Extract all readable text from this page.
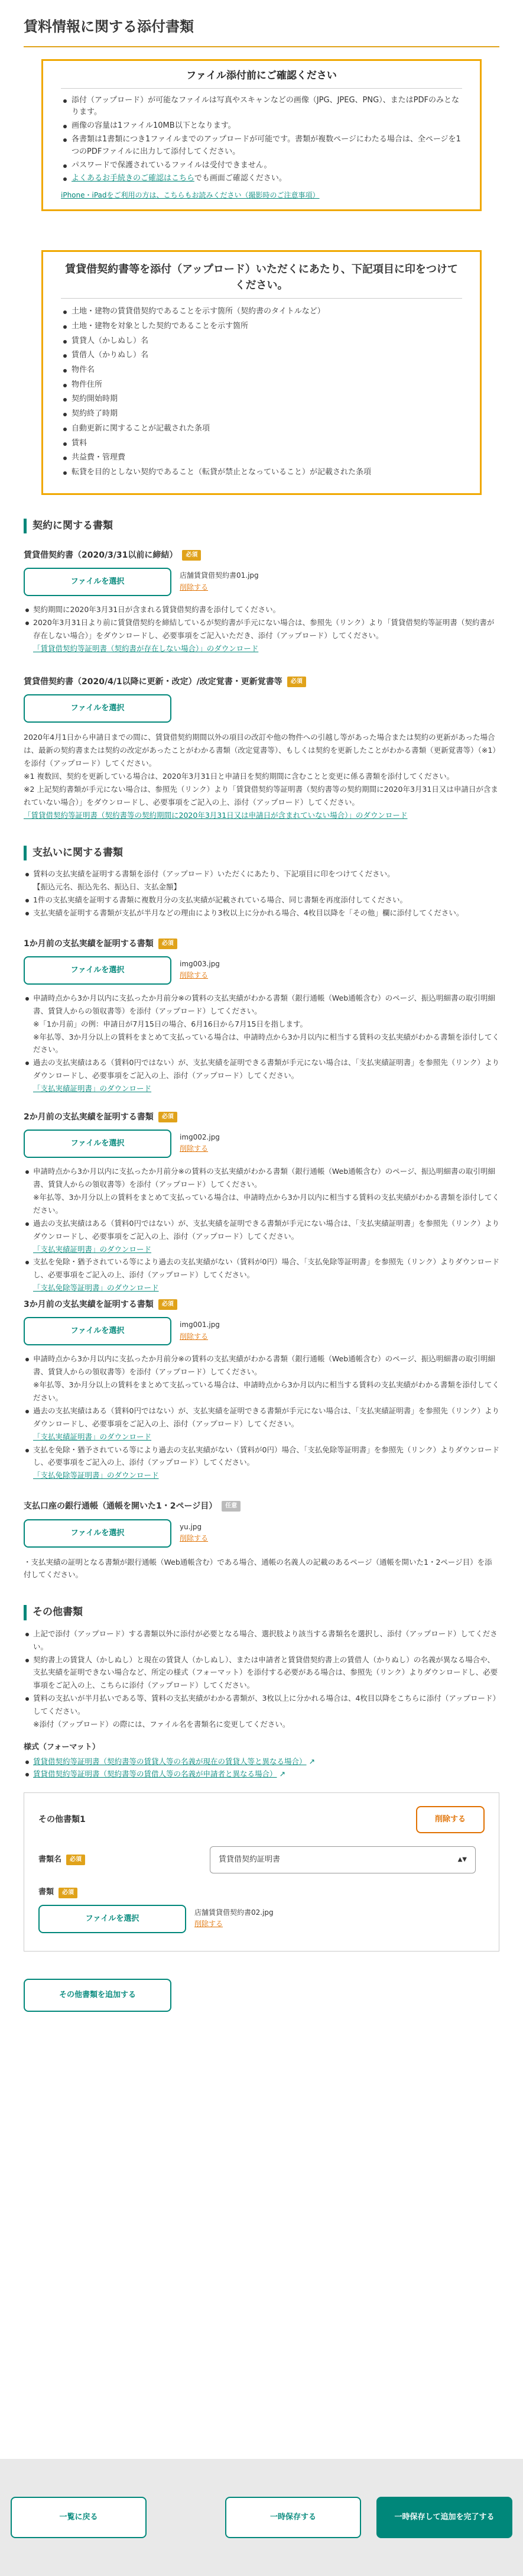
賃料情報に関する添付書類
ファイル添付前にご確認ください
添付（アップロード）が可能なファイルは写真やスキャンなどの画像（JPG、JPEG、PNG）、またはPDFのみとなります。
画像の容量は1ファイル10MB以下となります。
各書類は1書類につき1ファイルまでのアップロードが可能です。書類が複数ページにわたる場合は、全ページを1つのPDFファイルに出力して添付してください。
パスワードで保護されているファイルは受付できません。
よくあるお手続きのご確認はこちらでも画面ご確認ください。
iPhone・iPadをご利用の方は、こちらもお読みください（撮影時のご注意事項）
賃貸借契約書等を添付（アップロード）いただくにあたり、下記項目に印をつけてください。
土地・建物の賃貸借契約であることを示す箇所（契約書のタイトルなど）
土地・建物を対象とした契約であることを示す箇所
賃貸人（かしぬし）名
賃借人（かりぬし）名
物件名
物件住所
契約開始時期
契約終了時期
自動更新に関することが記載された条項
賃料
共益費・管理費
転貸を目的としない契約であること（転貸が禁止となっていること）が記載された条項
契約に関する書類
賃貸借契約書（2020/3/31以前に締結）	必須
ファイルを選択
店舗賃貸借契約書01.jpg
削除する
契約期間に2020年3月31日が含まれる賃貸借契約書を添付してください。
2020年3月31日より前に賃貸借契約を締結しているが契約書が手元にない場合は、参照先（リンク）より「賃貸借契約等証明書（契約書が存在しない場合）」をダウンロードし、必要事項をご記入いただき、添付（アップロード）してください。
「賃貸借契約等証明書（契約書が存在しない場合）」のダウンロード
賃貸借契約書（2020/4/1以降に更新・改定）/改定覚書・更新覚書等	必須
ファイルを選択
2020年4月1日から申請日までの間に、賃貸借契約期間以外の項目の改訂や他の物件への引越し等があった場合または契約の更新があった場合は、最新の契約書または契約の改定があったことがわかる書類（改定覚書等）、もしくは契約を更新したことがわかる書類（更新覚書等）（※1）を添付（アップロード）してください。
※1 複数回、契約を更新している場合は、2020年3月31日と申請日を契約期間に含むことと変更に係る書類を添付してください。
※2 上記契約書類が手元にない場合は、参照先（リンク）より「賃貸借契約等証明書（契約書等の契約期間に2020年3月31日又は申請日が含まれていない場合）」をダウンロードし、必要事項をご記入の上、添付（アップロード）してください。
「賃貸借契約等証明書（契約書等の契約期間に2020年3月31日又は申請日が含まれていない場合）」のダウンロード
支払いに関する書類
賃料の支払実績を証明する書類を添付（アップロード）いただくにあたり、下記項目に印をつけてください。
【振込元名、振込先名、振込日、支払金額】
1件の支払実績を証明する書類に複数月分の支払実績が記載されている場合、同じ書類を再度添付してください。
支払実績を証明する書類が支払が半月などの理由により3枚以上に分かれる場合、4枚目以降を「その他」欄に添付してください。
1か月前の支払実績を証明する書類	必須
ファイルを選択
img003.jpg
削除する
申請時点から3か月以内に支払ったか月前分※の賃料の支払実績がわかる書類（銀行通帳（Web通帳含む）のページ、振込明細書の取引明細書、賃貸人からの領収書等）を添付（アップロード）してください。
※「1か月前」の例：申請日が7月15日の場合、6月16日から7月15日を指します。
※年払等、3か月分以上の賃料をまとめて支払っている場合は、申請時点から3か月以内に相当する賃料の支払実績がわかる書類を添付してください。
過去の支払実績はある（賃料0円ではない）が、支払実績を証明できる書類が手元にない場合は、「支払実績証明書」を参照先（リンク）よりダウンロードし、必要事項をご記入の上、添付（アップロード）してください。
「支払実績証明書」のダウンロード
2か月前の支払実績を証明する書類	必須
ファイルを選択
img002.jpg
削除する
申請時点から3か月以内に支払ったか月前分※の賃料の支払実績がわかる書類（銀行通帳（Web通帳含む）のページ、振込明細書の取引明細書、賃貸人からの領収書等）を添付（アップロード）してください。
※年払等、3か月分以上の賃料をまとめて支払っている場合は、申請時点から3か月以内に相当する賃料の支払実績がわかる書類を添付してください。
過去の支払実績はある（賃料0円ではない）が、支払実績を証明できる書類が手元にない場合は、「支払実績証明書」を参照先（リンク）よりダウンロードし、必要事項をご記入の上、添付（アップロード）してください。
「支払実績証明書」のダウンロード
支払を免除・猶予されている等により過去の支払実績がない（賃料が0円）場合、「支払免除等証明書」を参照先（リンク）よりダウンロードし、必要事項をご記入の上、添付（アップロード）してください。
「支払免除等証明書」のダウンロード
3か月前の支払実績を証明する書類	必須
ファイルを選択
img001.jpg
削除する
申請時点から3か月以内に支払ったか月前分※の賃料の支払実績がわかる書類（銀行通帳（Web通帳含む）のページ、振込明細書の取引明細書、賃貸人からの領収書等）を添付（アップロード）してください。
※年払等、3か月分以上の賃料をまとめて支払っている場合は、申請時点から3か月以内に相当する賃料の支払実績がわかる書類を添付してください。
過去の支払実績はある（賃料0円ではない）が、支払実績を証明できる書類が手元にない場合は、「支払実績証明書」を参照先（リンク）よりダウンロードし、必要事項をご記入の上、添付（アップロード）してください。
「支払実績証明書」のダウンロード
支払を免除・猶予されている等により過去の支払実績がない（賃料が0円）場合、「支払免除等証明書」を参照先（リンク）よりダウンロードし、必要事項をご記入の上、添付（アップロード）してください。
「支払免除等証明書」のダウンロード
支払口座の銀行通帳（通帳を開いた1・2ページ目）	任意
ファイルを選択
yu.jpg
削除する
・支払実績の証明となる書類が銀行通帳（Web通帳含む）である場合、通帳の名義人の記載のあるページ（通帳を開いた1・2ページ目）を添付してください。
その他書類
上記で添付（アップロード）する書類以外に添付が必要となる場合、選択肢より該当する書類名を選択し、添付（アップロード）してください。
契約書上の賃貸人（かしぬし）と現在の賃貸人（かしぬし）、または申請者と賃貸借契約書上の賃借人（かりぬし）の名義が異なる場合や、支払実績を証明できない場合など、所定の様式（フォーマット）を添付する必要がある場合は、参照先（リンク）よりダウンロードし、必要事項をご記入の上、こちらに添付（アップロード）してください。
賃料の支払いが半月払いである等、賃料の支払実績がわかる書類が、3枚以上に分かれる場合は、4枚目以降をこちらに添付（アップロード）してください。
※添付（アップロード）の際には、ファイル名を書類名に変更してください。
様式（フォーマット）
賃貸借契約等証明書（契約書等の賃貸人等の名義が現在の賃貸人等と異なる場合） ↗
賃貸借契約等証明書（契約書等の賃借人等の名義が申請者と異なる場合） ↗
その他書類1	削除する
書類名	必須	賃貸借契約証明書	▲▼
書類	必須
ファイルを選択
店舗賃貸借契約書02.jpg
削除する
その他書類を追加する
一覧に戻る	一時保存する	一時保存して追加を完了する
